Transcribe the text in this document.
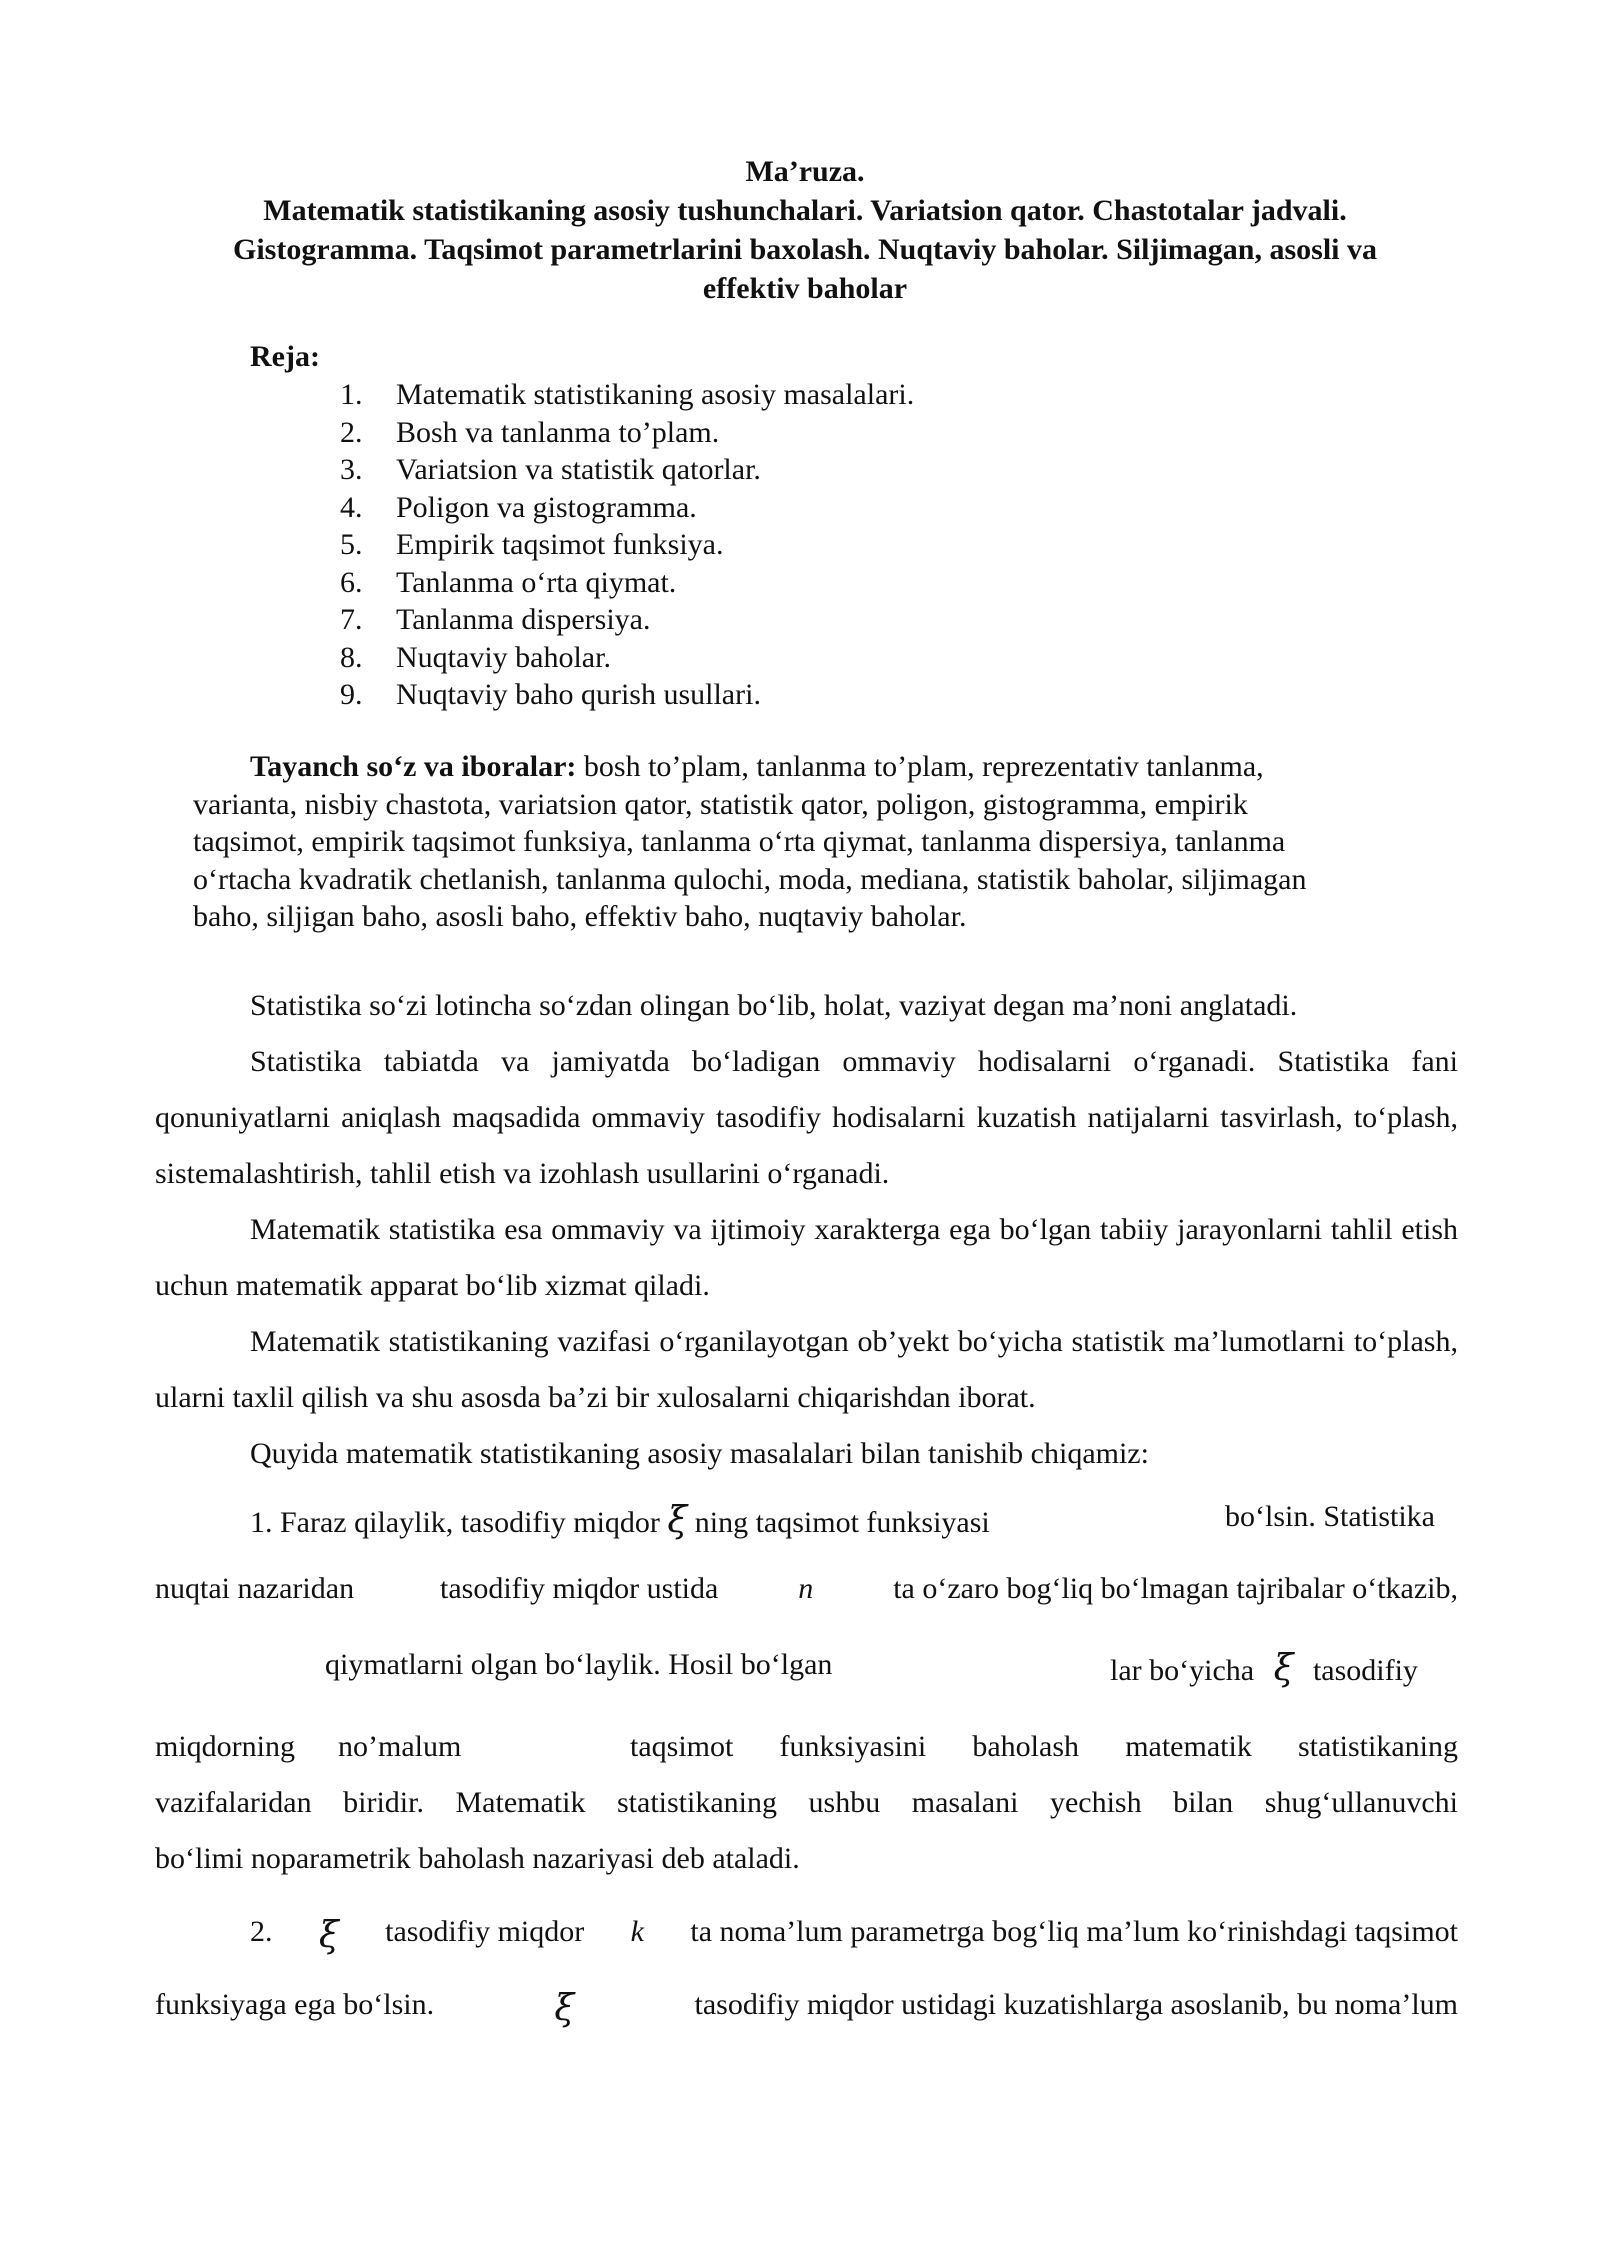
Ma’ruza.
Matematik statistikaning asosiy tushunchalari. Variatsion qator. Chastotalar jadvali.
Gistogramma. Taqsimot parametrlarini baxolash. Nuqtaviy baholar. Siljimagan, asosli va
effektiv baholar
Reja:
1.	Matematik statistikaning asosiy masalalari.
2.	Bosh va tanlanma to’plam.
3.	Variatsion va statistik qatorlar.
4.	Poligon va gistogramma.
5.	Empirik taqsimot funksiya.
6.	Tanlanma o‘rta qiymat.
7.	Tanlanma dispersiya.
8.	Nuqtaviy baholar.
9.	Nuqtaviy baho qurish usullari.
Tayanch so‘z va iboralar: bosh to’plam, tanlanma to’plam, reprezentativ tanlanma,
varianta, nisbiy chastota, variatsion qator, statistik qator, poligon, gistogramma, empirik
taqsimot, empirik taqsimot funksiya, tanlanma o‘rta qiymat, tanlanma dispersiya, tanlanma
o‘rtacha kvadratik chetlanish, tanlanma qulochi, moda, mediana, statistik baholar, siljimagan
baho, siljigan baho, asosli baho, effektiv baho, nuqtaviy baholar.

Statistika so‘zi lotincha so‘zdan olingan bo‘lib, holat, vaziyat degan ma’noni anglatadi.

Statistika tabiatda va jamiyatda bo‘ladigan ommaviy hodisalarni o‘rganadi. Statistika fani qonuniyatlarni aniqlash maqsadida ommaviy tasodifiy hodisalarni kuzatish natijalarni tasvirlash, to‘plash, sistemalashtirish, tahlil etish va izohlash usullarini o‘rganadi.

Matematik statistika esa ommaviy va ijtimoiy xarakterga ega bo‘lgan tabiiy jarayonlarni tahlil etish uchun matematik apparat bo‘lib xizmat qiladi.

Matematik statistikaning vazifasi o‘rganilayotgan ob’yekt bo‘yicha statistik ma’lumotlarni to‘plash, ularni taxlil qilish va shu asosda ba’zi bir xulosalarni chiqarishdan iborat.

Quyida matematik statistikaning asosiy masalalari bilan tanishib chiqamiz:

1. Faraz qilaylik, tasodifiy miqdor ξ ning taqsimot funksiyasi	bo‘lsin. Statistika
nuqtai nazaridan	tasodifiy miqdor ustida	n	ta o‘zaro bog‘liq bo‘lmagan tajribalar o‘tkazib,
qiymatlarni olgan bo‘laylik. Hosil bo‘lgan	lar bo‘yicha ξ tasodifiy
miqdorning no’malum	taqsimot funksiyasini baholash matematik statistikaning
vazifalaridan biridir. Matematik statistikaning ushbu masalani yechish bilan shug‘ullanuvchi
bo‘limi noparametrik baholash nazariyasi deb ataladi.
2. ξ tasodifiy miqdor k ta noma’lum parametrga bog‘liq ma’lum ko‘rinishdagi taqsimot
funksiyaga ega bo‘lsin.	ξ	tasodifiy miqdor ustidagi kuzatishlarga asoslanib, bu noma’lum
